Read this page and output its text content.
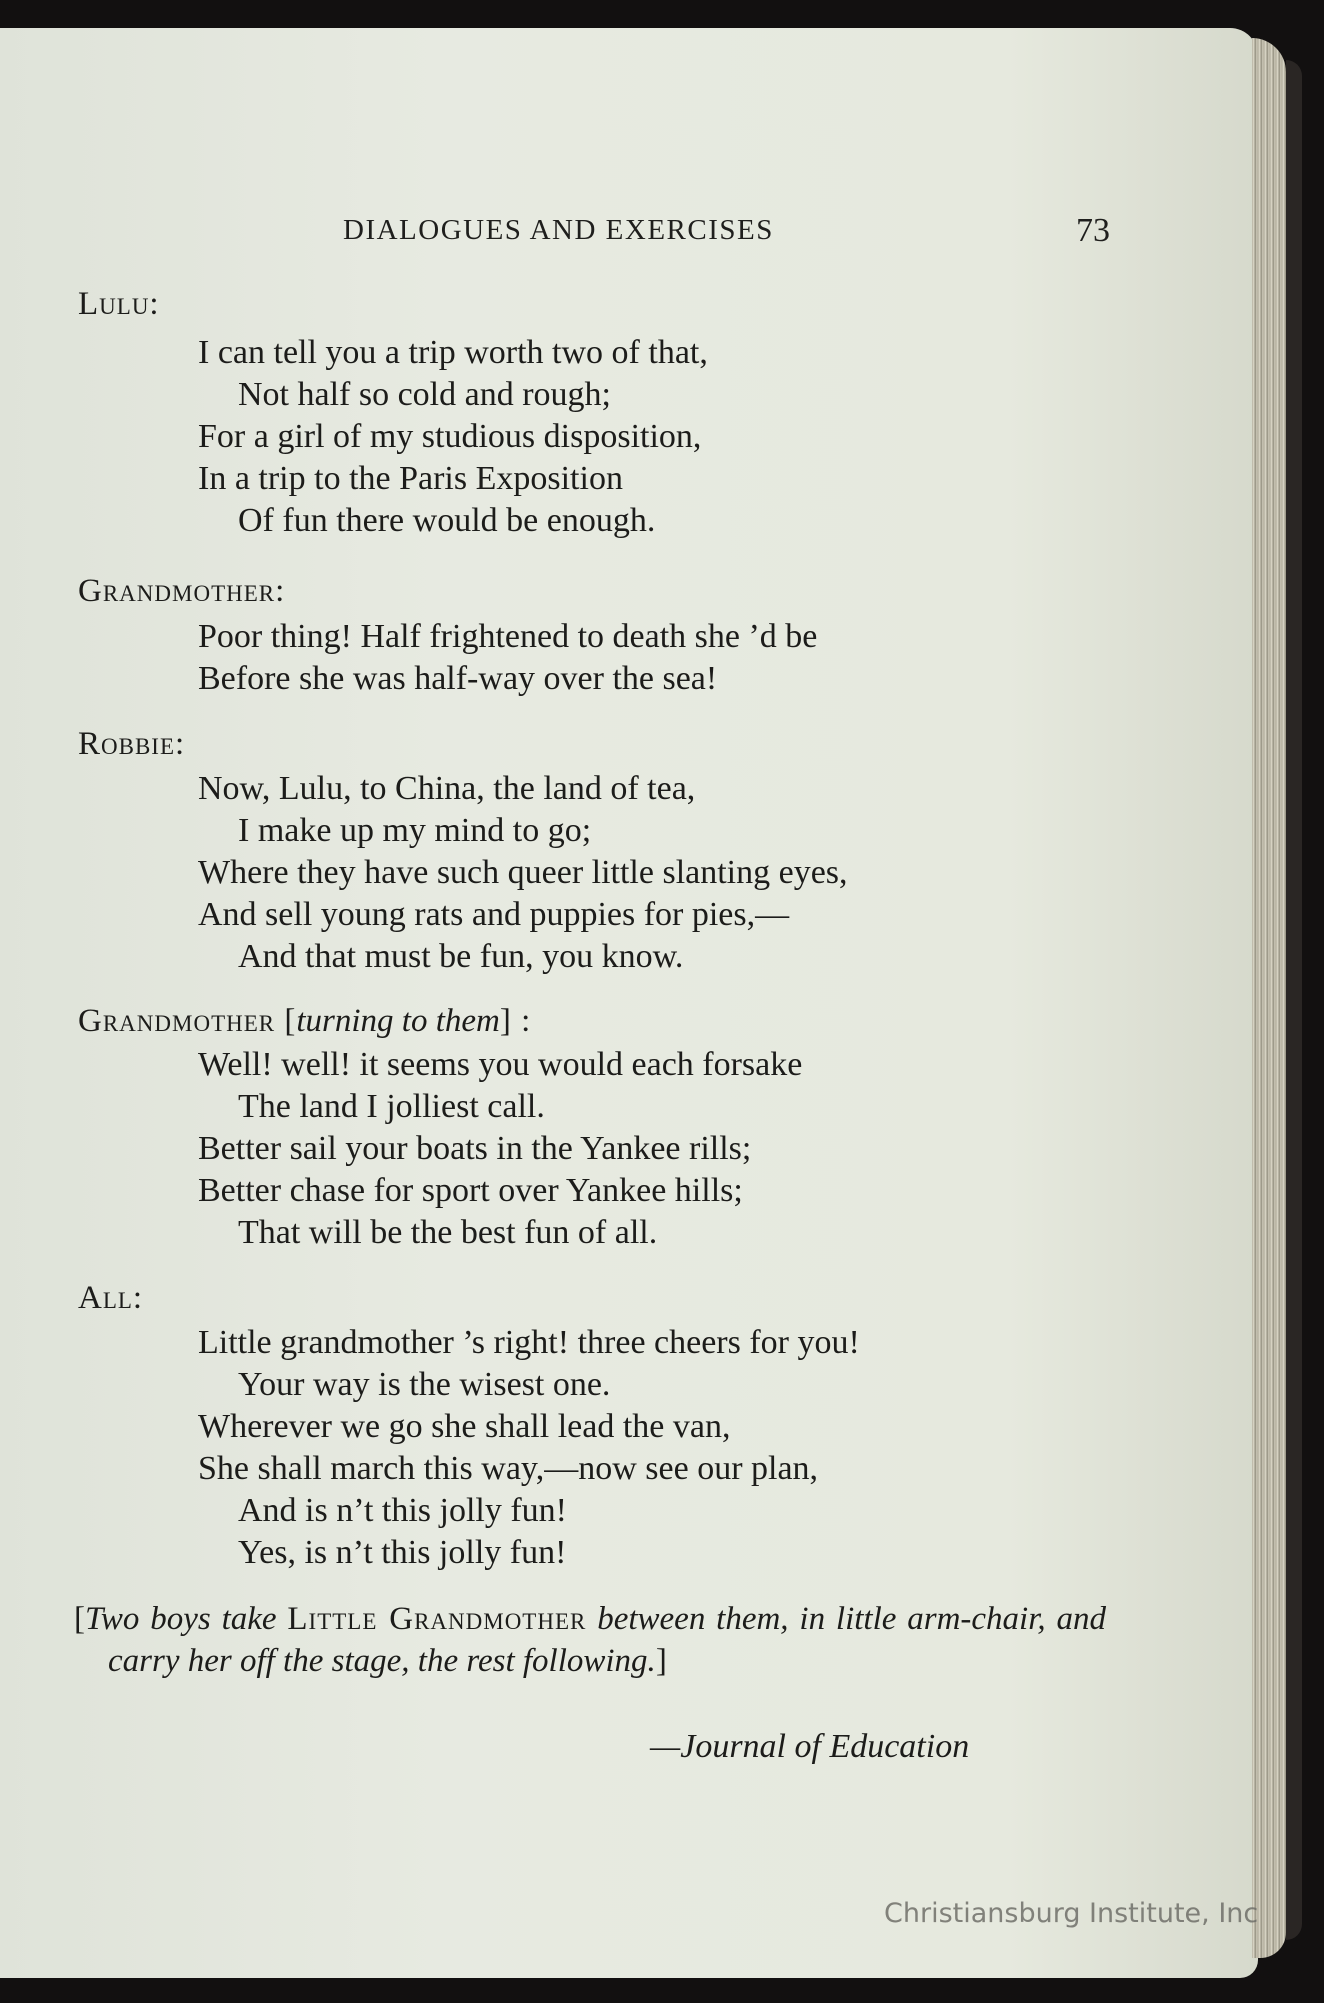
DIALOGUES AND EXERCISES	73
Lulu:
I can tell you a trip worth two of that,
Not half so cold and rough;
For a girl of my studious disposition,
In a trip to the Paris Exposition
Of fun there would be enough.
Grandmother:
Poor thing! Half frightened to death she ’d be
Before she was half-way over the sea!
Robbie:
Now, Lulu, to China, the land of tea,
I make up my mind to go;
Where they have such queer little slanting eyes,
And sell young rats and puppies for pies,—
And that must be fun, you know.
Grandmother [turning to them] :
Well! well! it seems you would each forsake
The land I jolliest call.
Better sail your boats in the Yankee rills;
Better chase for sport over Yankee hills;
That will be the best fun of all.
All:
Little grandmother ’s right! three cheers for you!
Your way is the wisest one.
Wherever we go she shall lead the van,
She shall march this way,—now see our plan,
And is n’t this jolly fun!
Yes, is n’t this jolly fun!
[Two boys take Little Grandmother between them, in little arm-chair, and carry her off the stage, the rest following.]
—Journal of Education
Christiansburg Institute, Inc
